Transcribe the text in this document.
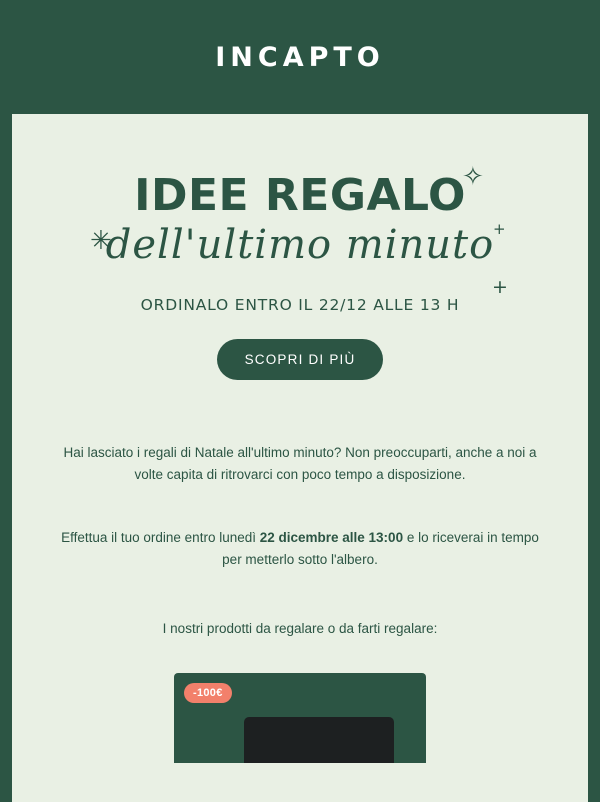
INCAPTO
✧
+
✳
+
IDEE REGALO

dell'ultimo minuto

ORDINALO ENTRO IL 22/12 ALLE 13 H

SCOPRI DI PIÙ

Hai lasciato i regali di Natale all'ultimo minuto? Non preoccuparti, anche a noi a volte capita di ritrovarci con poco tempo a disposizione.

Effettua il tuo ordine entro lunedì 22 dicembre alle 13:00 e lo riceverai in tempo per metterlo sotto l'albero.

I nostri prodotti da regalare o da farti regalare:

-100€
